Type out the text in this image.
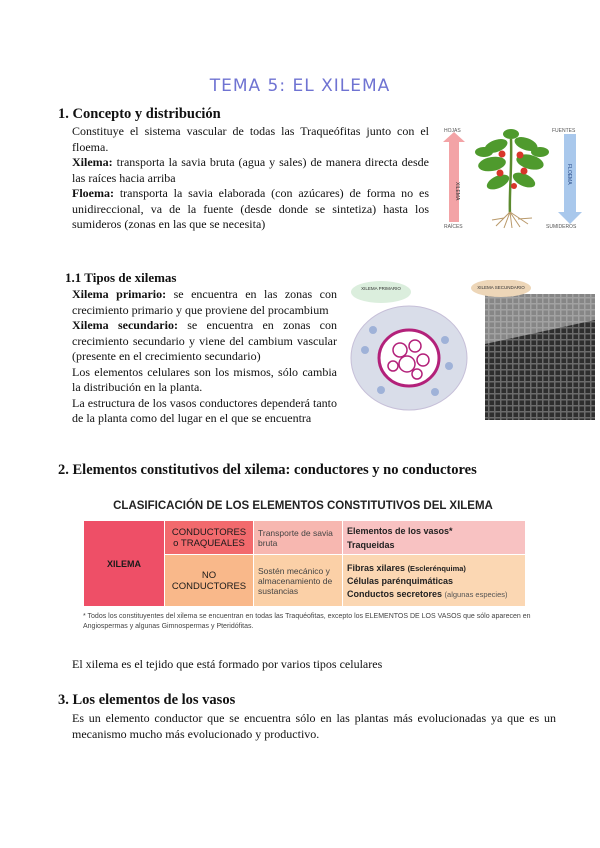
TEMA 5: EL XILEMA
1. Concepto y distribución

Constituye el sistema vascular de todas las Traqueófitas junto con el floema.

Xilema: transporta la savia bruta (agua y sales) de manera directa desde las raíces hacia arriba

Floema: transporta la savia elaborada (con azúcares) de forma no es unidireccional, va de la fuente (desde donde se sintetiza) hasta los sumideros (zonas en las que se necesita)

HOJAS
XILEMA
RAÍCES
FUENTES
FLOEMA
SUMIDEROS
1.1 Tipos de xilemas

Xilema primario: se encuentra en las zonas con crecimiento primario y que proviene del procambium

Xilema secundario: se encuentra en zonas con crecimiento secundario y viene del cambium vascular (presente en el crecimiento secundario)

Los elementos celulares son los mismos, sólo cambia la distribución en la planta.

La estructura de los vasos conductores dependerá tanto de la planta como del lugar en el que se encuentra

XILEMA PRIMARIO	XILEMA SECUNDARIO
2. Elementos constitutivos del xilema: conductores y no conductores
CLASIFICACIÓN DE LOS ELEMENTOS CONSTITUTIVOS DEL XILEMA
XILEMA	CONDUCTORES o TRAQUEALES	Transporte de savia bruta	Elementos de los vasos*
Traqueidas

	NO CONDUCTORES	Sostén mecánico y almacenamiento de sustancias	Fibras xilares (Esclerénquima)
Células parénquimáticas
Conductos secretores (algunas especies)
* Todos los constituyentes del xilema se encuentran en todas las Traquéofitas, excepto los ELEMENTOS DE LOS VASOS que sólo aparecen en Angiospermas y algunas Gimnospermas y Pteridófitas.
El xilema es el tejido que está formado por varios tipos celulares
3. Los elementos de los vasos
Es un elemento conductor que se encuentra sólo en las plantas más evolucionadas ya que es un mecanismo mucho más evolucionado y productivo.
